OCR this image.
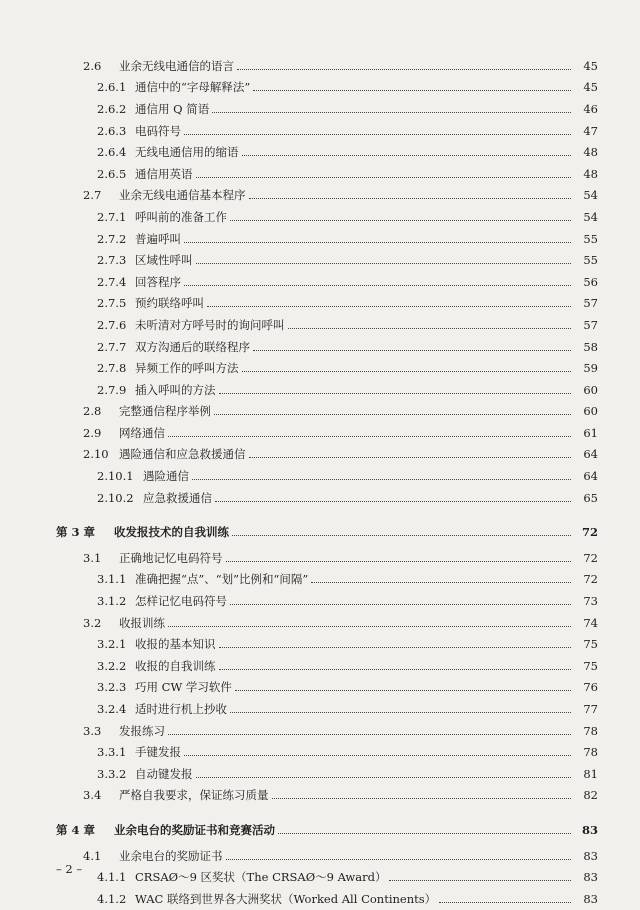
2.6	业余无线电通信的语言	45
2.6.1 通信中的“字母解释法”	45
2.6.2 通信用 Q 简语	46
2.6.3 电码符号	47
2.6.4 无线电通信用的缩语	48
2.6.5 通信用英语	48
2.7	业余无线电通信基本程序	54
2.7.1 呼叫前的准备工作	54
2.7.2 普遍呼叫	55
2.7.3 区域性呼叫	55
2.7.4 回答程序	56
2.7.5 预约联络呼叫	57
2.7.6 未听清对方呼号时的询问呼叫	57
2.7.7 双方沟通后的联络程序	58
2.7.8 异频工作的呼叫方法	59
2.7.9 插入呼叫的方法	60
2.8	完整通信程序举例	60
2.9	网络通信	61
2.10 遇险通信和应急救援通信	64
2.10.1 遇险通信	64
2.10.2 应急救援通信	65
第 3 章	收发报技术的自我训练	72
3.1	正确地记忆电码符号	72
3.1.1 准确把握“点”、“划”比例和“间隔”	72
3.1.2 怎样记忆电码符号	73
3.2	收报训练	74
3.2.1 收报的基本知识	75
3.2.2 收报的自我训练	75
3.2.3 巧用 CW 学习软件	76
3.2.4 适时进行机上抄收	77
3.3	发报练习	78
3.3.1 手键发报	78
3.3.2 自动键发报	81
3.4	严格自我要求，保证练习质量	82
第 4 章	业余电台的奖励证书和竞赛活动	83
4.1	业余电台的奖励证书	83
4.1.1 CRSAØ～9 区奖状（The CRSAØ～9 Award）	83
4.1.2 WAC 联络到世界各大洲奖状（Worked All Continents）	83
– 2 –
